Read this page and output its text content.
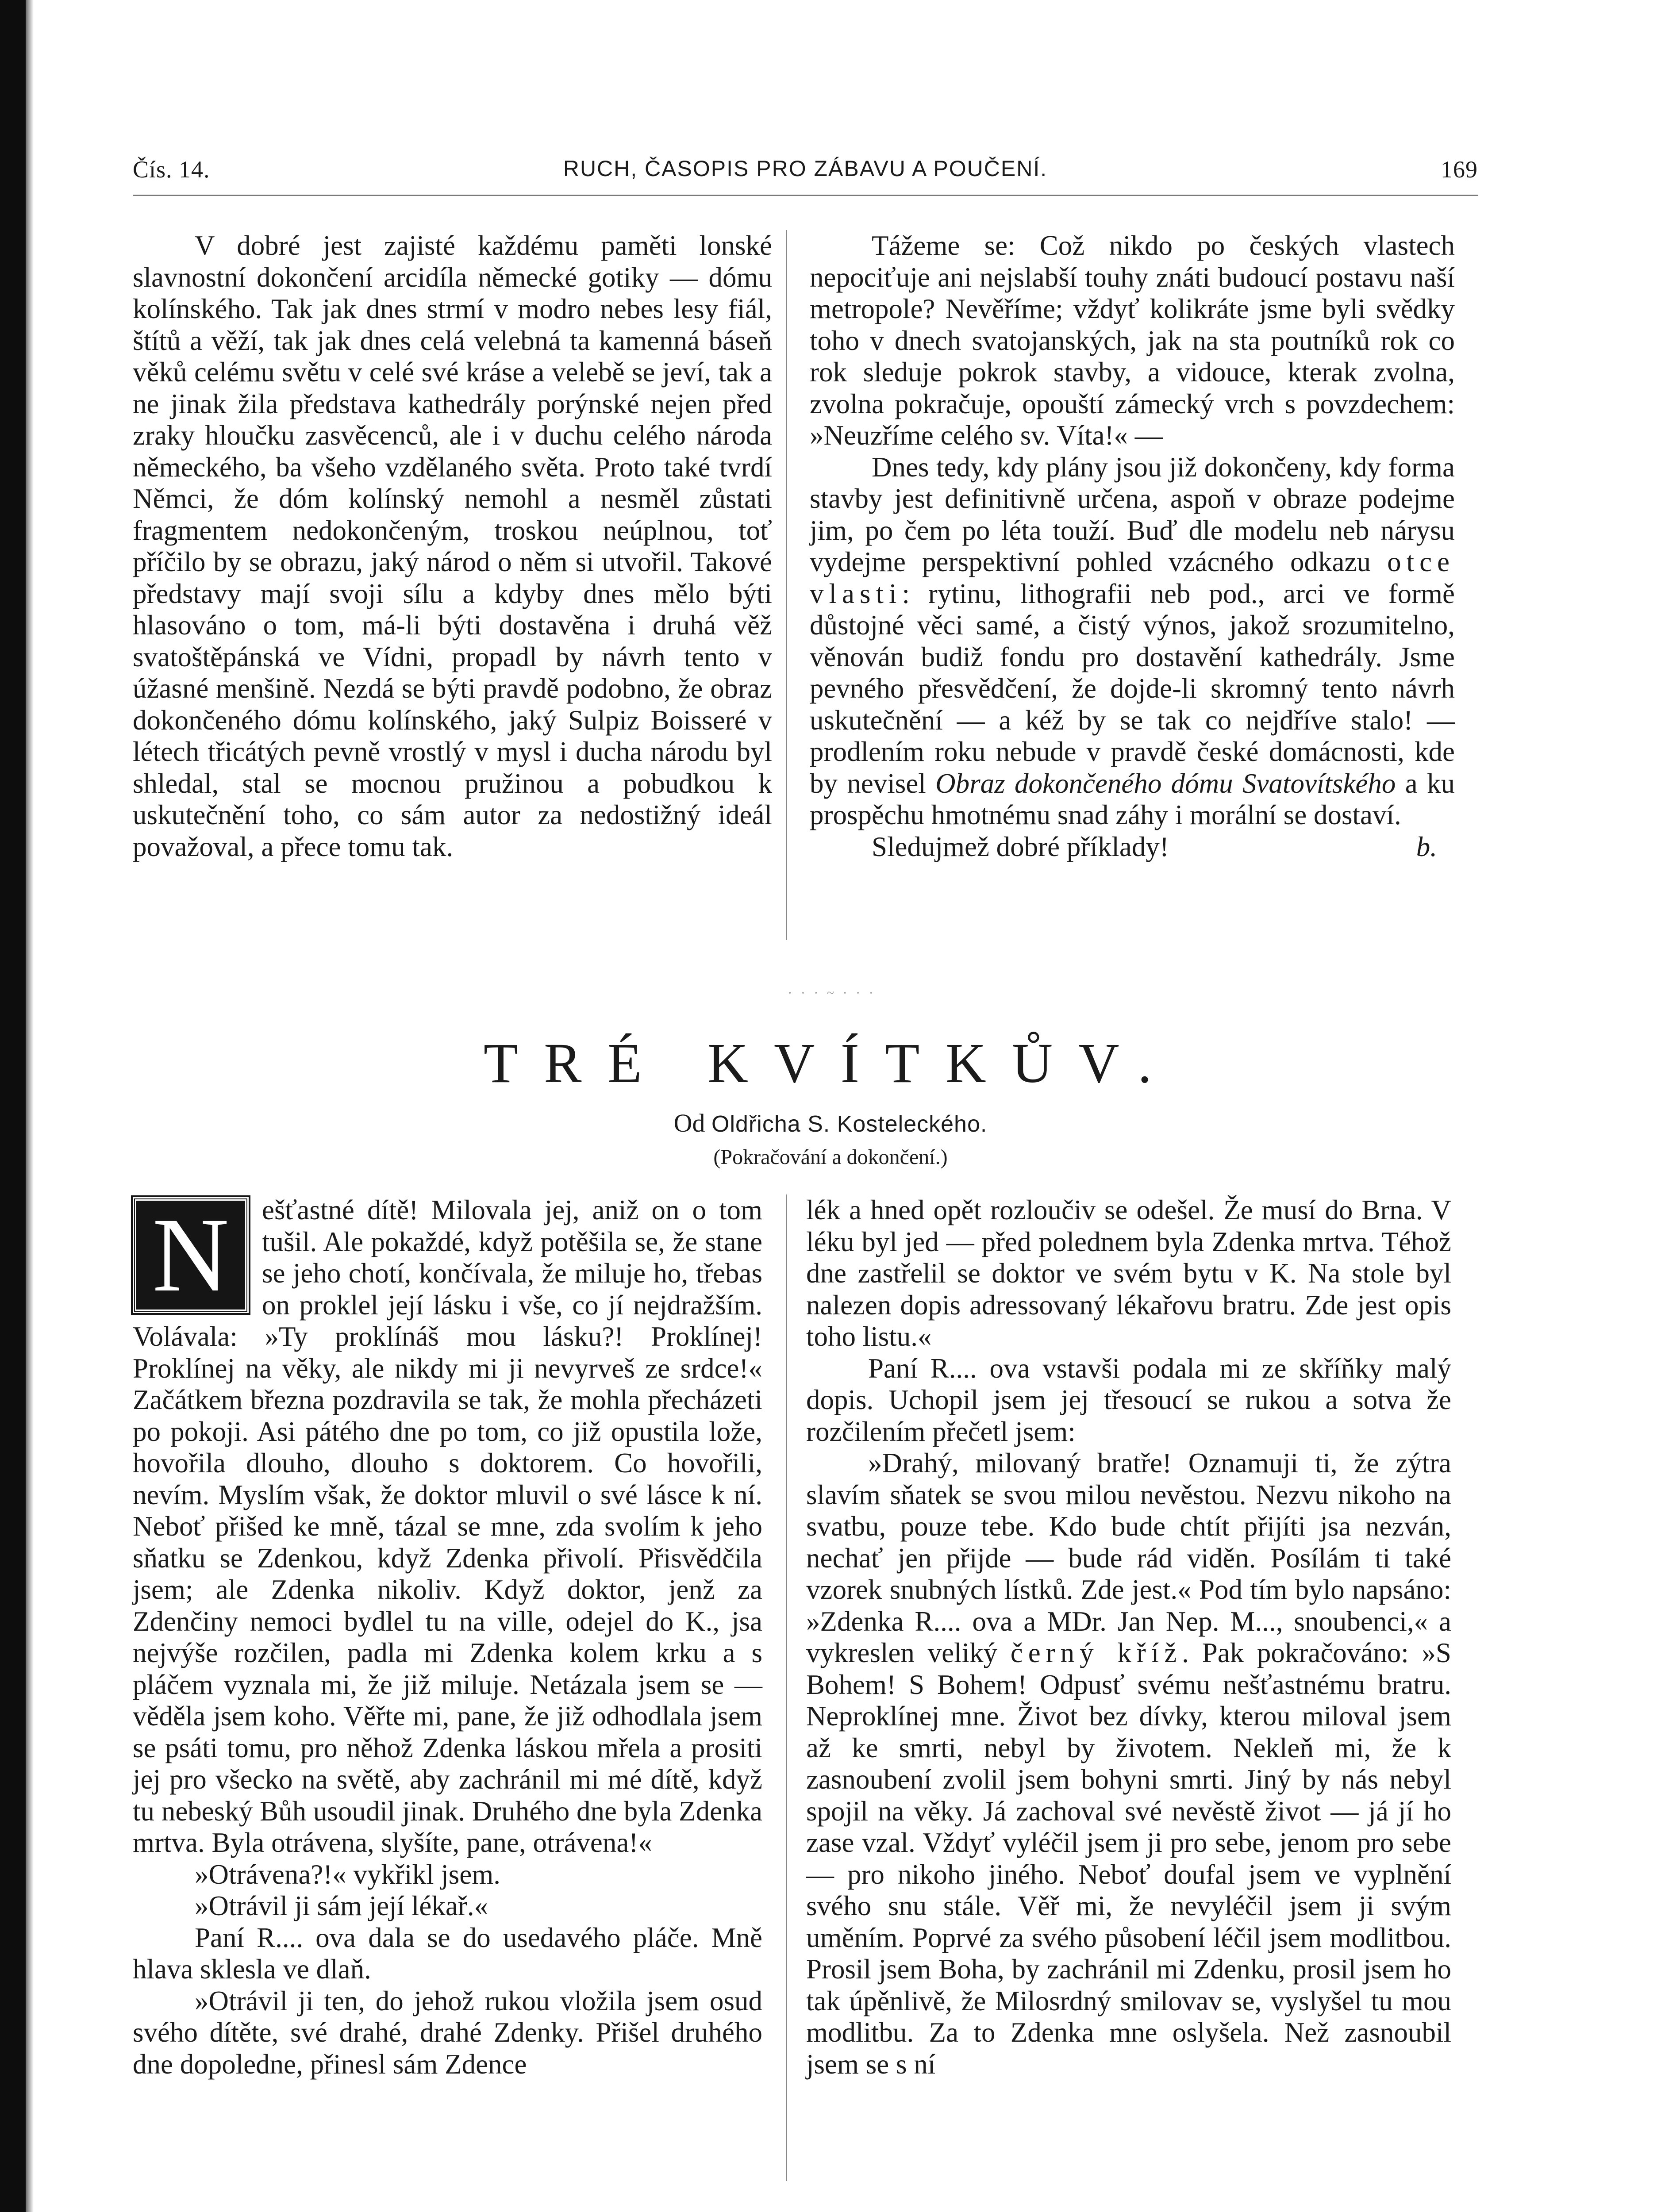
Čís. 14.	RUCH, ČASOPIS PRO ZÁBAVU A POUČENÍ.	169

V dobré jest zajisté každému paměti lonské slavnostní dokončení arcidíla německé gotiky — dómu kolínského. Tak jak dnes strmí v modro nebes lesy fiál, štítů a věží, tak jak dnes celá velebná ta kamenná báseň věků celému světu v celé své kráse a velebě se jeví, tak a ne jinak žila představa kathedrály porýnské nejen před zraky hloučku zasvěcenců, ale i v duchu celého národa německého, ba všeho vzdělaného světa. Proto také tvrdí Němci, že dóm kolínský nemohl a nesměl zůstati fragmentem nedokončeným, troskou neúplnou, toť příčilo by se obrazu, jaký národ o něm si utvořil. Takové představy mají svoji sílu a kdyby dnes mělo býti hlasováno o tom, má-li býti dostavěna i druhá věž svatoštěpánská ve Vídni, propadl by návrh tento v úžasné menšině. Nezdá se býti pravdě podobno, že obraz dokončeného dómu kolínského, jaký Sulpiz Boisseré v létech třicátých pevně vrostlý v mysl i ducha národu byl shledal, stal se mocnou pružinou a pobudkou k uskutečnění toho, co sám autor za nedostižný ideál považoval, a přece tomu tak.

Tážeme se: Což nikdo po českých vlastech nepociťuje ani nejslabší touhy znáti budoucí postavu naší metropole? Nevěříme; vždyť kolikráte jsme byli svědky toho v dnech svatojanských, jak na sta poutníků rok co rok sleduje pokrok stavby, a vidouce, kterak zvolna, zvolna pokračuje, opouští zámecký vrch s povzdechem: »Neuzříme celého sv. Víta!« —

Dnes tedy, kdy plány jsou již dokončeny, kdy forma stavby jest definitivně určena, aspoň v obraze podejme jim, po čem po léta touží. Buď dle modelu neb nárysu vydejme perspektivní pohled vzácného odkazu otce vlasti: rytinu, lithografii neb pod., arci ve formě důstojné věci samé, a čistý výnos, jakož srozumitelno, věnován budiž fondu pro dostavění kathedrály. Jsme pevného přesvědčení, že dojde-li skromný tento návrh uskutečnění — a kéž by se tak co nejdříve stalo! — prodlením roku nebude v pravdě české domácnosti, kde by nevisel Obraz dokončeného dómu Svatovítského a ku prospěchu hmotnému snad záhy i morální se dostaví.

Sledujmež dobré příklady!	b.

· · · ~ · · ·
TRÉ KVÍTKŮV.
Od Oldřicha S. Kosteleckého.
(Pokračování a dokončení.)

N	ešťastné dítě! Milovala jej, aniž on o tom tušil. Ale pokaždé, když potěšila se, že stane se jeho chotí, končívala, že miluje ho, třebas on proklel její lásku i vše, co jí nejdražším. Volávala: »Ty proklínáš mou lásku?! Proklínej! Proklínej na věky, ale nikdy mi ji nevyrveš ze srdce!« Začátkem března pozdravila se tak, že mohla přecházeti po pokoji. Asi pátého dne po tom, co již opustila lože, hovořila dlouho, dlouho s doktorem. Co hovořili, nevím. Myslím však, že doktor mluvil o své lásce k ní. Neboť přišed ke mně, tázal se mne, zda svolím k jeho sňatku se Zdenkou, když Zdenka přivolí. Přisvědčila jsem; ale Zdenka nikoliv. Když doktor, jenž za Zdenčiny nemoci bydlel tu na ville, odejel do K., jsa nejvýše rozčilen, padla mi Zdenka kolem krku a s pláčem vyznala mi, že již miluje. Netázala jsem se — věděla jsem koho. Věřte mi, pane, že již odhodlala jsem se psáti tomu, pro něhož Zdenka láskou mřela a prositi jej pro všecko na světě, aby zachránil mi mé dítě, když tu nebeský Bůh usoudil jinak. Druhého dne byla Zdenka mrtva. Byla otrávena, slyšíte, pane, otrávena!«

»Otrávena?!« vykřikl jsem.

»Otrávil ji sám její lékař.«

Paní R.... ova dala se do usedavého pláče. Mně hlava sklesla ve dlaň.

»Otrávil ji ten, do jehož rukou vložila jsem osud svého dítěte, své drahé, drahé Zdenky. Přišel druhého dne dopoledne, přinesl sám Zdence

lék a hned opět rozloučiv se odešel. Že musí do Brna. V léku byl jed — před polednem byla Zdenka mrtva. Téhož dne zastřelil se doktor ve svém bytu v K. Na stole byl nalezen dopis adressovaný lékařovu bratru. Zde jest opis toho listu.«

Paní R.... ova vstavši podala mi ze skříňky malý dopis. Uchopil jsem jej třesoucí se rukou a sotva že rozčilením přečetl jsem:

»Drahý, milovaný bratře! Oznamuji ti, že zýtra slavím sňatek se svou milou nevěstou. Nezvu nikoho na svatbu, pouze tebe. Kdo bude chtít přijíti jsa nezván, nechať jen přijde — bude rád viděn. Posílám ti také vzorek snubných lístků. Zde jest.« Pod tím bylo napsáno: »Zdenka R.... ova a MDr. Jan Nep. M..., snoubenci,« a vykreslen veliký černý kříž. Pak pokračováno: »S Bohem! S Bohem! Odpusť svému nešťastnému bratru. Neproklínej mne. Život bez dívky, kterou miloval jsem až ke smrti, nebyl by životem. Nekleň mi, že k zasnoubení zvolil jsem bohyni smrti. Jiný by nás nebyl spojil na věky. Já zachoval své nevěstě život — já jí ho zase vzal. Vždyť vyléčil jsem ji pro sebe, jenom pro sebe — pro nikoho jiného. Neboť doufal jsem ve vyplnění svého snu stále. Věř mi, že nevyléčil jsem ji svým uměním. Poprvé za svého působení léčil jsem modlitbou. Prosil jsem Boha, by zachránil mi Zdenku, prosil jsem ho tak úpěnlivě, že Milosrdný smilovav se, vyslyšel tu mou modlitbu. Za to Zdenka mne oslyšela. Než zasnoubil jsem se s ní
